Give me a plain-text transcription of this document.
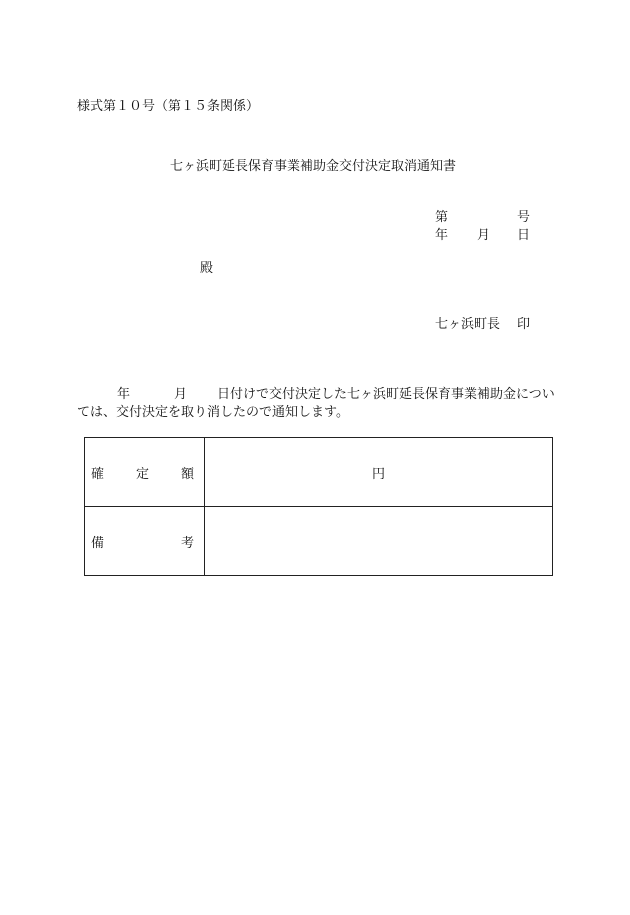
様式第１０号（第１５条関係）
七ヶ浜町延長保育事業補助金交付決定取消通知書
第	号
年 月 日
殿
七ヶ浜町長 印
年	月 日付けで交付決定した七ヶ浜町延長保育事業補助金につい
ては、交付決定を取り消したので通知します。
確 定 額	円

備 考	
